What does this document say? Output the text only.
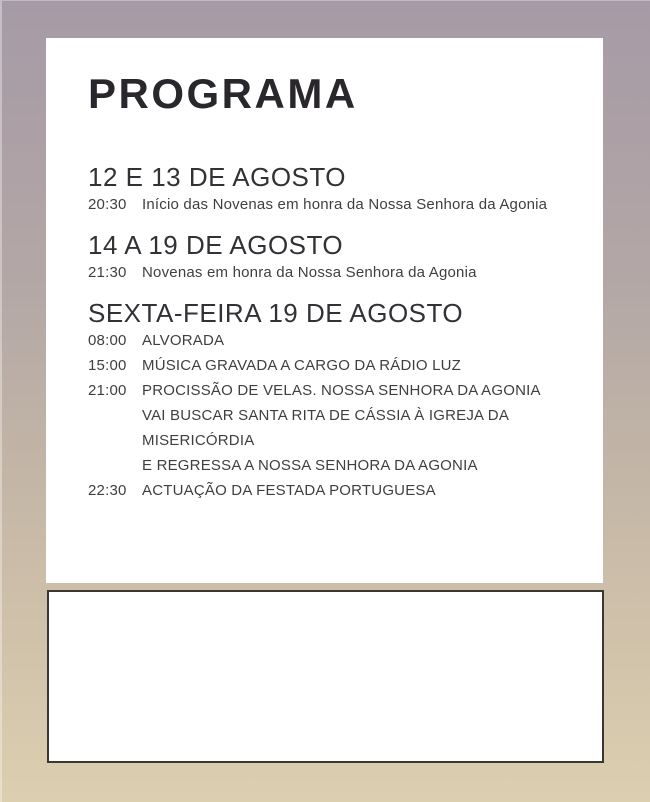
PROGRAMA
12 E 13 DE AGOSTO
20:30	Início das Novenas em honra da Nossa Senhora da Agonia
14 A 19 DE AGOSTO
21:30	Novenas em honra da Nossa Senhora da Agonia
SEXTA-FEIRA 19 DE AGOSTO
08:00	ALVORADA
15:00	MÚSICA GRAVADA A CARGO DA RÁDIO LUZ
21:00	PROCISSÃO DE VELAS. NOSSA SENHORA DA AGONIA
VAI BUSCAR SANTA RITA DE CÁSSIA À IGREJA DA MISERICÓRDIA
E REGRESSA A NOSSA SENHORA DA AGONIA
22:30	ACTUAÇÃO DA FESTADA PORTUGUESA
